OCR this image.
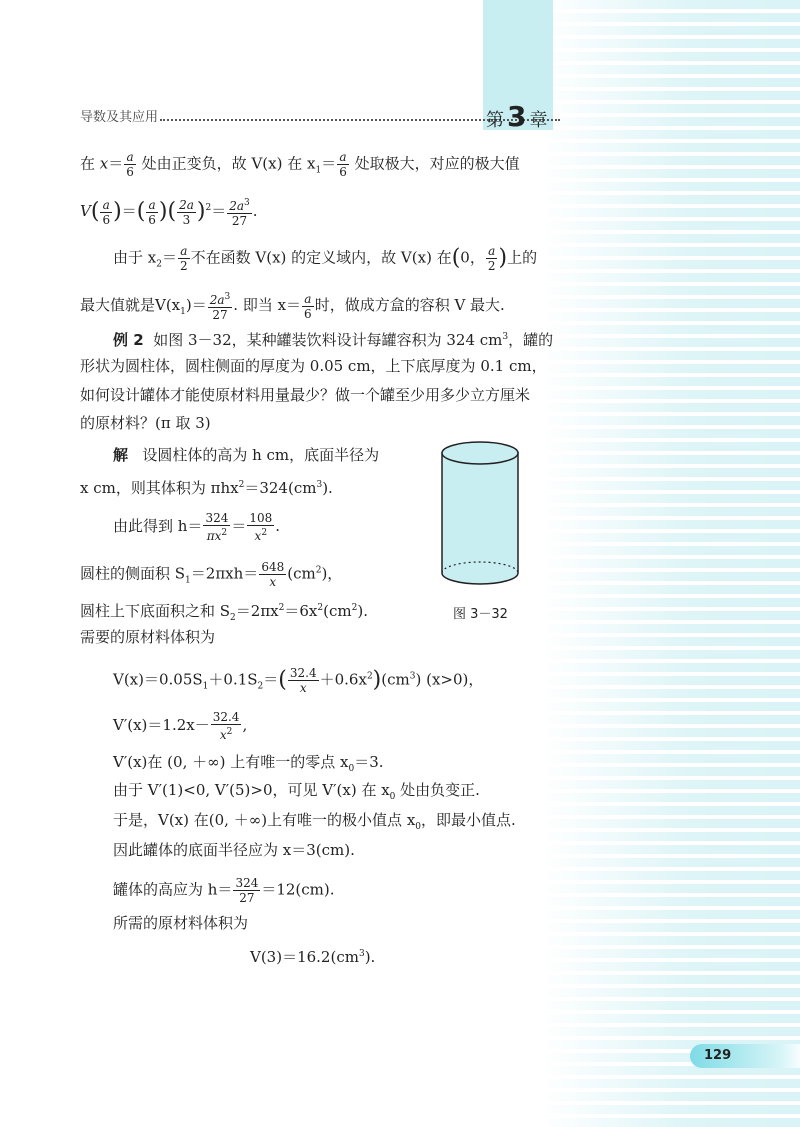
导数及其应用	第 3 章
在 $x= \frac{a}{6}$ 处由正变负，故 V(x) 在 $x_1= \frac{a}{6}$ 处取极大，对应的极大值
$V( \frac{a}{6}$ )＝( $\frac{a}{6}$ )( $\frac{2a}{3} )^2= \frac{2a^3}{27}$ .
由于 $x_2= \frac{a}{2}$ 不在函数 V(x) 的定义域内，故 V(x) 在(0， $\frac{a}{2}$ )上的
最大值就是$V(x_1)= \frac{2a^3}{27}$ . 即当 $x= \frac{a}{6}$ 时，做成方盒的容积 V 最大.
例 2 如图 3－32，某种罐装饮料设计每罐容积为 324 $cm^3$，罐的
形状为圆柱体，圆柱侧面的厚度为 0.05 cm，上下底厚度为 0.1 cm，
如何设计罐体才能使原材料用量最少？做一个罐至少用多少立方厘米
的原材料？(π 取 3)
解 设圆柱体的高为 h cm，底面半径为
x cm，则其体积为 $\pi hx^2=324(cm^3)$.
由此得到 $h= \frac{324}{\pi x^2} = \frac{108}{x^2}$ .
圆柱的侧面积 $S_1=2\pi xh= \frac{648}{x} (cm^2)$，
圆柱上下底面积之和 $S_2=2\pi x^2=6x^2(cm^2)$.
需要的原材料体积为
$V(x)=0.05S_1+0.1S_2=( \frac{32.4}{x} +0.6x^2)(cm^3)$ (x>0)，
$V'(x)=1.2x- \frac{32.4}{x^2}$ ,
V′(x)在 (0, ＋∞) 上有唯一的零点 $x_0=3$.
由于 V′(1)<0, V′(5)>0，可见 V′(x) 在 $x_0$ 处由负变正.
于是，V(x) 在(0, ＋∞)上有唯一的极小值点 $x_0$，即最小值点.
因此罐体的底面半径应为 x＝3(cm).
罐体的高应为 $h= \frac{324}{27} =12(cm)$.
所需的原材料体积为
$V(3)=16.2(cm^3)$.
图 3－32
129
